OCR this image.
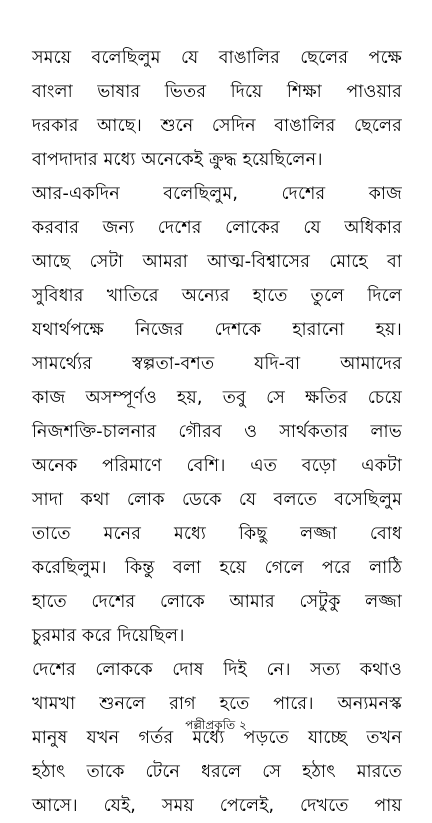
সময়ে বলেছিলুম যে বাঙালির ছেলের পক্ষে
বাংলা ভাষার ভিতর দিয়ে শিক্ষা পাওয়ার
দরকার আছে। শুনে সেদিন বাঙালির ছেলের
বাপদাদার মধ্যে অনেকেই ক্রুদ্ধ হয়েছিলেন।
আর-একদিন বলেছিলুম, দেশের কাজ
করবার জন্য দেশের লোকের যে অধিকার
আছে সেটা আমরা আত্ম-বিশ্বাসের মোহে বা
সুবিধার খাতিরে অন্যের হাতে তুলে দিলে
যথার্থপক্ষে নিজের দেশকে হারানো হয়।
সামর্থ্যের স্বল্পতা-বশত যদি-বা আমাদের
কাজ অসম্পূর্ণও হয়, তবু সে ক্ষতির চেয়ে
নিজশক্তি-চালনার গৌরব ও সার্থকতার লাভ
অনেক পরিমাণে বেশি। এত বড়ো একটা
সাদা কথা লোক ডেকে যে বলতে বসেছিলুম
তাতে মনের মধ্যে কিছু লজ্জা বোধ
করেছিলুম। কিন্তু বলা হয়ে গেলে পরে লাঠি
হাতে দেশের লোকে আমার সেটুকু লজ্জা
চুরমার করে দিয়েছিল।
দেশের লোককে দোষ দিই নে। সত্য কথাও
খামখা শুনলে রাগ হতে পারে। অন্যমনস্ক
মানুষ যখন গর্তর মধ্যে পড়তে যাচ্ছে তখন
হঠাৎ তাকে টেনে ধরলে সে হঠাৎ মারতে
আসে। যেই, সময় পেলেই, দেখতে পায়
পল্লীপ্রকৃতি ২
